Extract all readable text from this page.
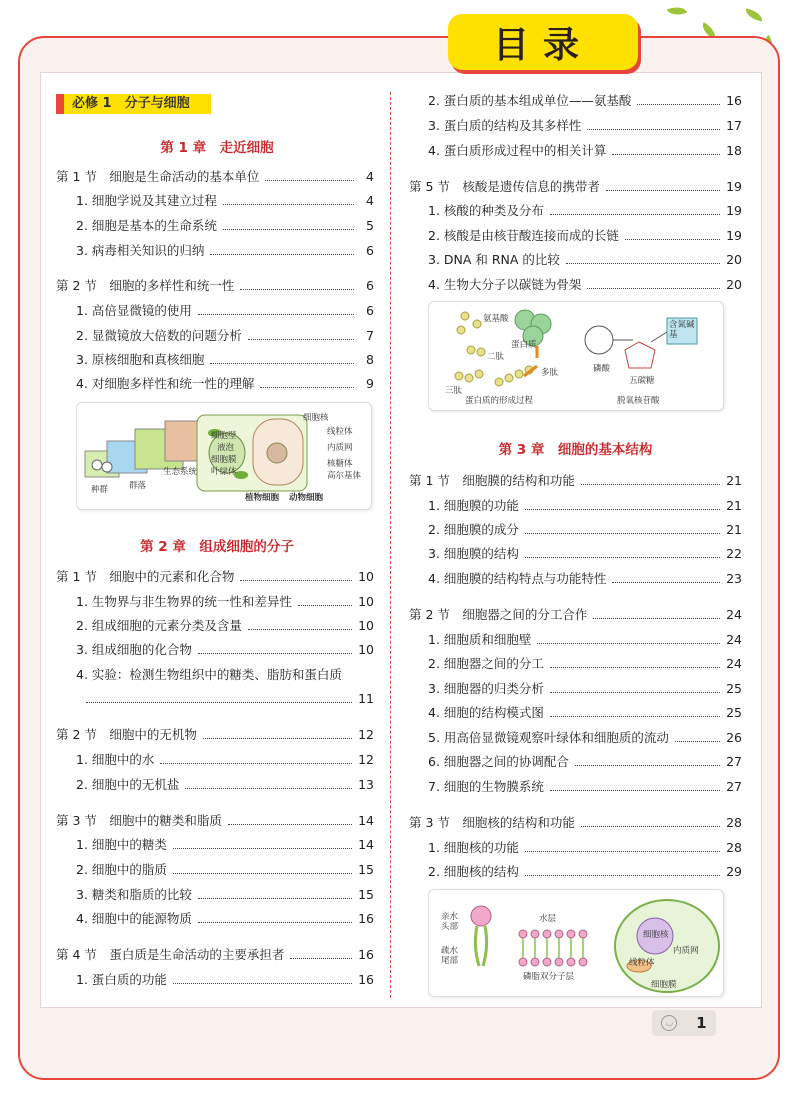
目录
必修 1　分子与细胞
第 1 章　走近细胞
第 1 节　细胞是生命活动的基本单位	4
1. 细胞学说及其建立过程	4
2. 细胞是基本的生命系统	5
3. 病毒相关知识的归纳	6
第 2 节　细胞的多样性和统一性	6
1. 高倍显微镜的使用	6
2. 显微镜放大倍数的问题分析	7
3. 原核细胞和真核细胞	8
4. 对细胞多样性和统一性的理解	9
种群 群落
生态系统
细胞壁
液泡
细胞膜
叶绿体
细胞核
线粒体
内质网
核糖体
高尔基体
植物细胞 动物细胞
第 2 章　组成细胞的分子
第 1 节　细胞中的元素和化合物	10
1. 生物界与非生物界的统一性和差异性	10
2. 组成细胞的元素分类及含量	10
3. 组成细胞的化合物	10
4. 实验：检测生物组织中的糖类、脂肪和蛋白质
11
第 2 节　细胞中的无机物	12
1. 细胞中的水	12
2. 细胞中的无机盐	13
第 3 节　细胞中的糖类和脂质	14
1. 细胞中的糖类	14
2. 细胞中的脂质	15
3. 糖类和脂质的比较	15
4. 细胞中的能源物质	16
第 4 节　蛋白质是生命活动的主要承担者	16
1. 蛋白质的功能	16
2. 蛋白质的基本组成单位——氨基酸	16
3. 蛋白质的结构及其多样性	17
4. 蛋白质形成过程中的相关计算	18
第 5 节　核酸是遗传信息的携带者	19
1. 核酸的种类及分布	19
2. 核酸是由核苷酸连接而成的长链	19
3. DNA 和 RNA 的比较	20
4. 生物大分子以碳链为骨架	20
氨基酸
二肽
蛋白质
三肽
多肽	磷酸
含氮碱基
五碳糖
蛋白质的形成过程	脱氧核苷酸
第 3 章　细胞的基本结构
第 1 节　细胞膜的结构和功能	21
1. 细胞膜的功能	21
2. 细胞膜的成分	21
3. 细胞膜的结构	22
4. 细胞膜的结构特点与功能特性	23
第 2 节　细胞器之间的分工合作	24
1. 细胞质和细胞壁	24
2. 细胞器之间的分工	24
3. 细胞器的归类分析	25
4. 细胞的结构模式图	25
5. 用高倍显微镜观察叶绿体和细胞质的流动	26
6. 细胞器之间的协调配合	27
7. 细胞的生物膜系统	27
第 3 节　细胞核的结构和功能	28
1. 细胞核的功能	28
2. 细胞核的结构	29
亲水头部
疏水尾部
水层
磷脂双分子层
细胞核
内质网
线粒体
细胞膜
◡ 1
